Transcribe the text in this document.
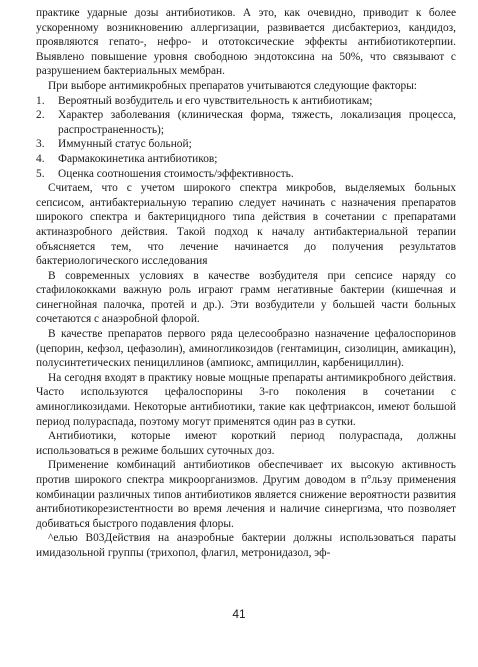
практике ударные дозы антибиотиков. А это, как очевидно, приводит к более ускоренному возникновению аллергизации, развивается дисбактериоз, кандидоз, проявляются гепато-, нефро- и ототоксические эффекты антибиотикотерпии. Выявлено повышение уровня свободною эндотоксина на 50%, что связывают с разрушением бактериальных мембран.

При выборе антимикробных препаратов учитываются следующие факторы:

1. Вероятный возбудитель и его чувствительность к антибиотикам;
2. Характер заболевания (клиническая форма, тяжесть, локализация процесса, распространенность);
3. Иммунный статус больной;
4. Фармакокинетика антибиотиков;
5. Оценка соотношения стоимость/эффективность.

Считаем, что с учетом широкого спектра микробов, выделяемых больных сепсисом, антибактериальную терапию следует начинать с назначения препаратов широкого спектра и бактерицидного типа действия в сочетании с препаратами актиназробного действия. Такой подход к началу антибактериальной терапии объясняется тем, что лечение начинается до получения результатов бактериологического исследования

В современных условиях в качестве возбудителя при сепсисе наряду со стафилококками важную роль играют грамм негативные бактерии (кишечная и синегнойная палочка, протей и др.). Эти возбудители у большей части больных сочетаются с анаэробной флорой.

В качестве препаратов первого ряда целесообразно назначение цефалоспоринов (цепорин, кефзол, цефазолин), аминогликозидов (гентамицин, сизолицин, амикацин), полусинтетических пенициллинов (ампиокс, ампициллин, карбенициллин).

На сегодня входят в практику новые мощные препараты антимикробного действия. Часто используются цефалоспорины 3-го поколения в сочетании с аминогликозидами. Некоторые антибиотики, такие как цефтриаксон, имеют большой период полураспада, поэтому могут применятся один раз в сутки.

Антибиотики, которые имеют короткий период полураспада, должны использоваться в режиме больших суточных доз.

Применение комбинаций антибиотиков обеспечивает их высокую активность против широкого спектра микроорганизмов. Другим доводом в п°льзу применения комбинации различных типов антибиотиков является снижение вероятности развития антибиотикорезистентности во время лечения и наличие синергизма, что позволяет добиваться быстрого подавления флоры.

^елью В03Действия на анаэробные бактерии должны использоваться параты имидазольной группы (трихопол, флагил, метронидазол, эф-

41
